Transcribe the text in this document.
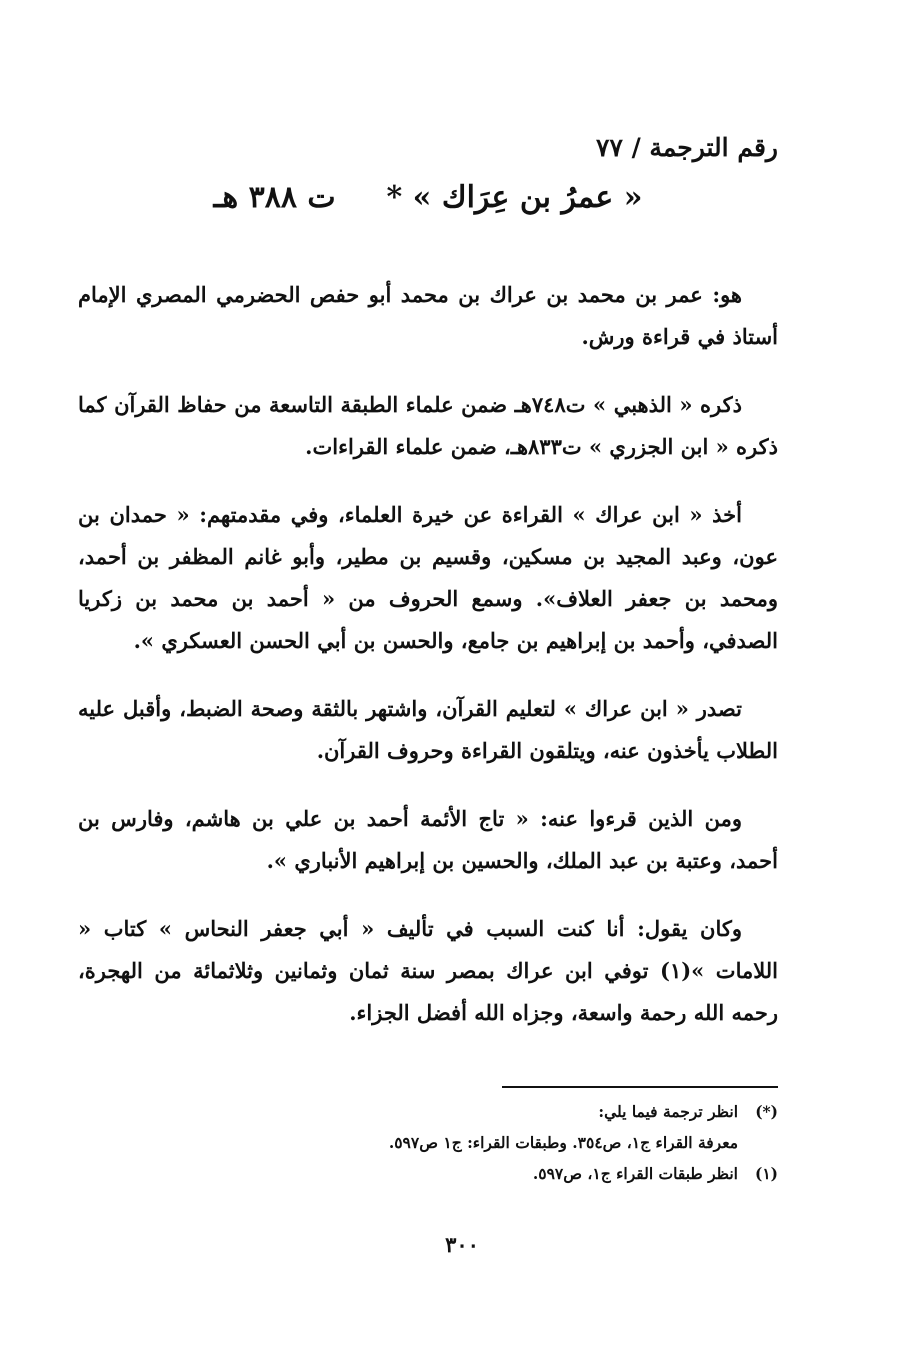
رقم الترجمة / ٧٧

« عمرُ بن عِرَاك » *  ت ٣٨٨ هـ

هو: عمر بن محمد بن عراك بن محمد أبو حفص الحضرمي المصري الإمام أستاذ في قراءة ورش.

ذكره « الذهبي » ت٧٤٨هـ ضمن علماء الطبقة التاسعة من حفاظ القرآن كما ذكره « ابن الجزري » ت٨٣٣هـ، ضمن علماء القراءات.

أخذ « ابن عراك » القراءة عن خيرة العلماء، وفي مقدمتهم: « حمدان بن عون، وعبد المجيد بن مسكين، وقسيم بن مطير، وأبو غانم المظفر بن أحمد، ومحمد بن جعفر العلاف». وسمع الحروف من « أحمد بن محمد بن زكريا الصدفي، وأحمد بن إبراهيم بن جامع، والحسن بن أبي الحسن العسكري ».

تصدر « ابن عراك » لتعليم القرآن، واشتهر بالثقة وصحة الضبط، وأقبل عليه الطلاب يأخذون عنه، ويتلقون القراءة وحروف القرآن.

ومن الذين قرءوا عنه: « تاج الأئمة أحمد بن علي بن هاشم، وفارس بن أحمد، وعتبة بن عبد الملك، والحسين بن إبراهيم الأنباري ».

وكان يقول: أنا كنت السبب في تأليف « أبي جعفر النحاس » كتاب « اللامات »(١) توفي ابن عراك بمصر سنة ثمان وثمانين وثلاثمائة من الهجرة، رحمه الله رحمة واسعة، وجزاه الله أفضل الجزاء.

(*)انظر ترجمة فيما يلي:

معرفة القراء ج١، ص٣٥٤. وطبقات القراء: ج١ ص٥٩٧.

(١)انظر طبقات القراء ج١، ص٥٩٧.

٣٠٠
